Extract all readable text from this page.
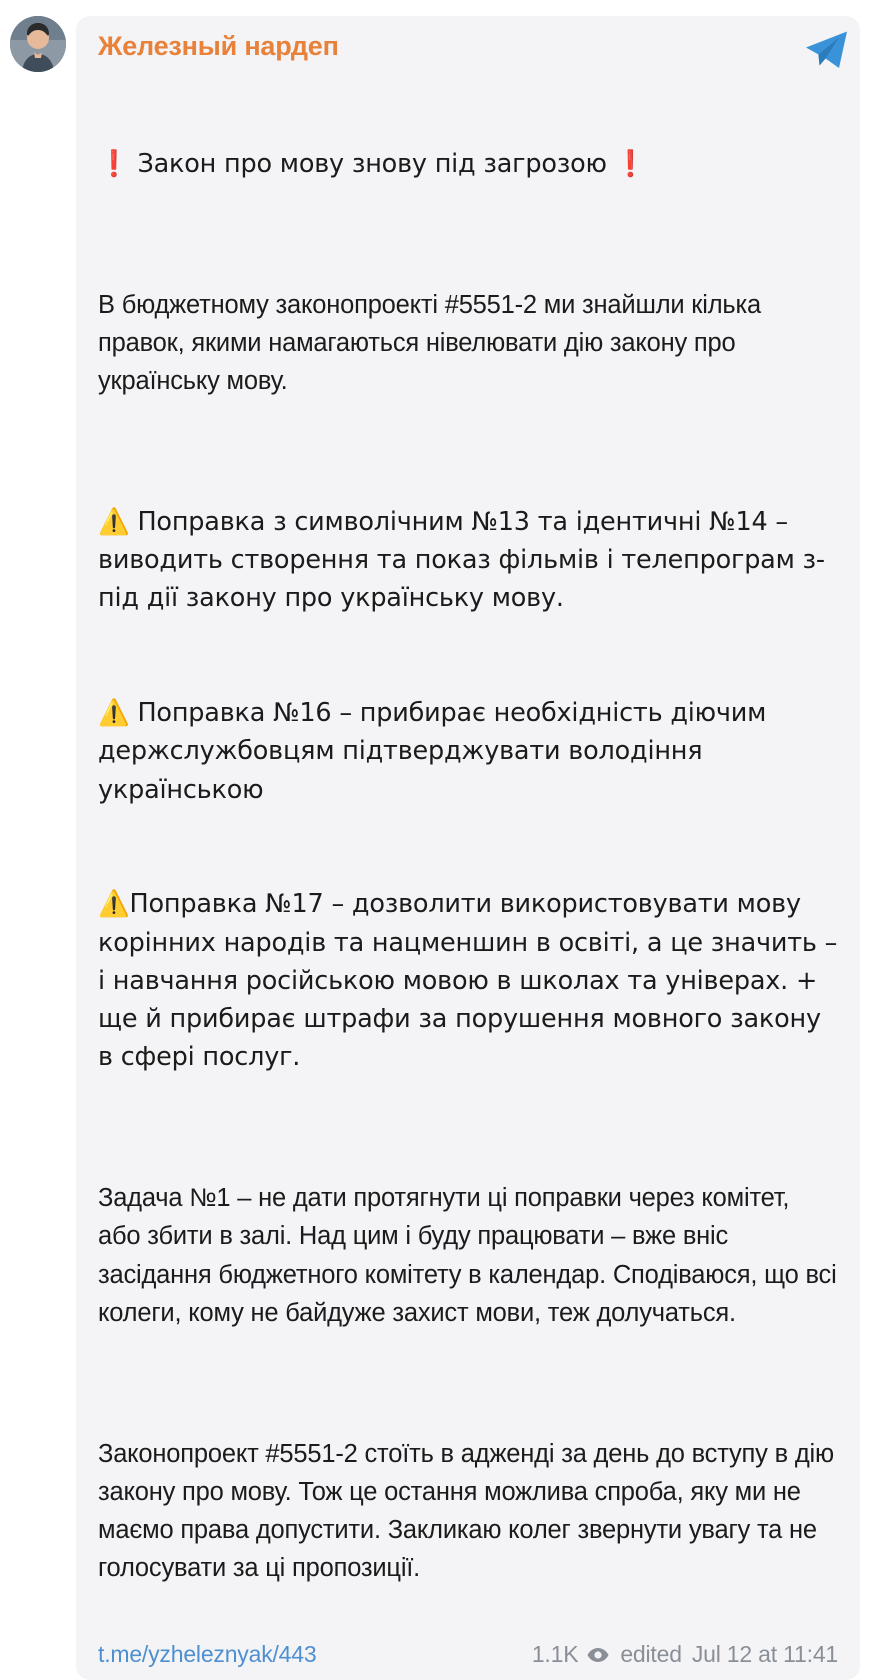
Железный нардеп

❗ Закон про мову знову під загрозою ❗

В бюджетному законопроекті #5551-2 ми знайшли кілька правок, якими намагаються нівелювати дію закону про українську мову.

⚠️ Поправка з символічним №13 та ідентичні №14 – виводить створення та показ фільмів і телепрограм з-під дії закону про українську мову.

⚠️ Поправка №16 – прибирає необхідність діючим держслужбовцям підтверджувати володіння українською

⚠️Поправка №17 – дозволити використовувати мову корінних народів та нацменшин в освіті, а це значить – і навчання російською мовою в школах та універах. + ще й прибирає штрафи за порушення мовного закону в сфері послуг.

Задача №1 – не дати протягнути ці поправки через комітет, або збити в залі. Над цим і буду працювати – вже вніс засідання бюджетного комітету в календар. Сподіваюся, що всі колеги, кому не байдуже захист мови, теж долучаться.

Законопроект #5551-2 стоїть в адженді за день до вступу в дію закону про мову. Тож це остання можлива спроба, яку ми не маємо права допустити. Закликаю колег звернути увагу та не голосувати за ці пропозиції.

t.me/yzheleznyak/443	1.1K edited Jul 12 at 11:41
